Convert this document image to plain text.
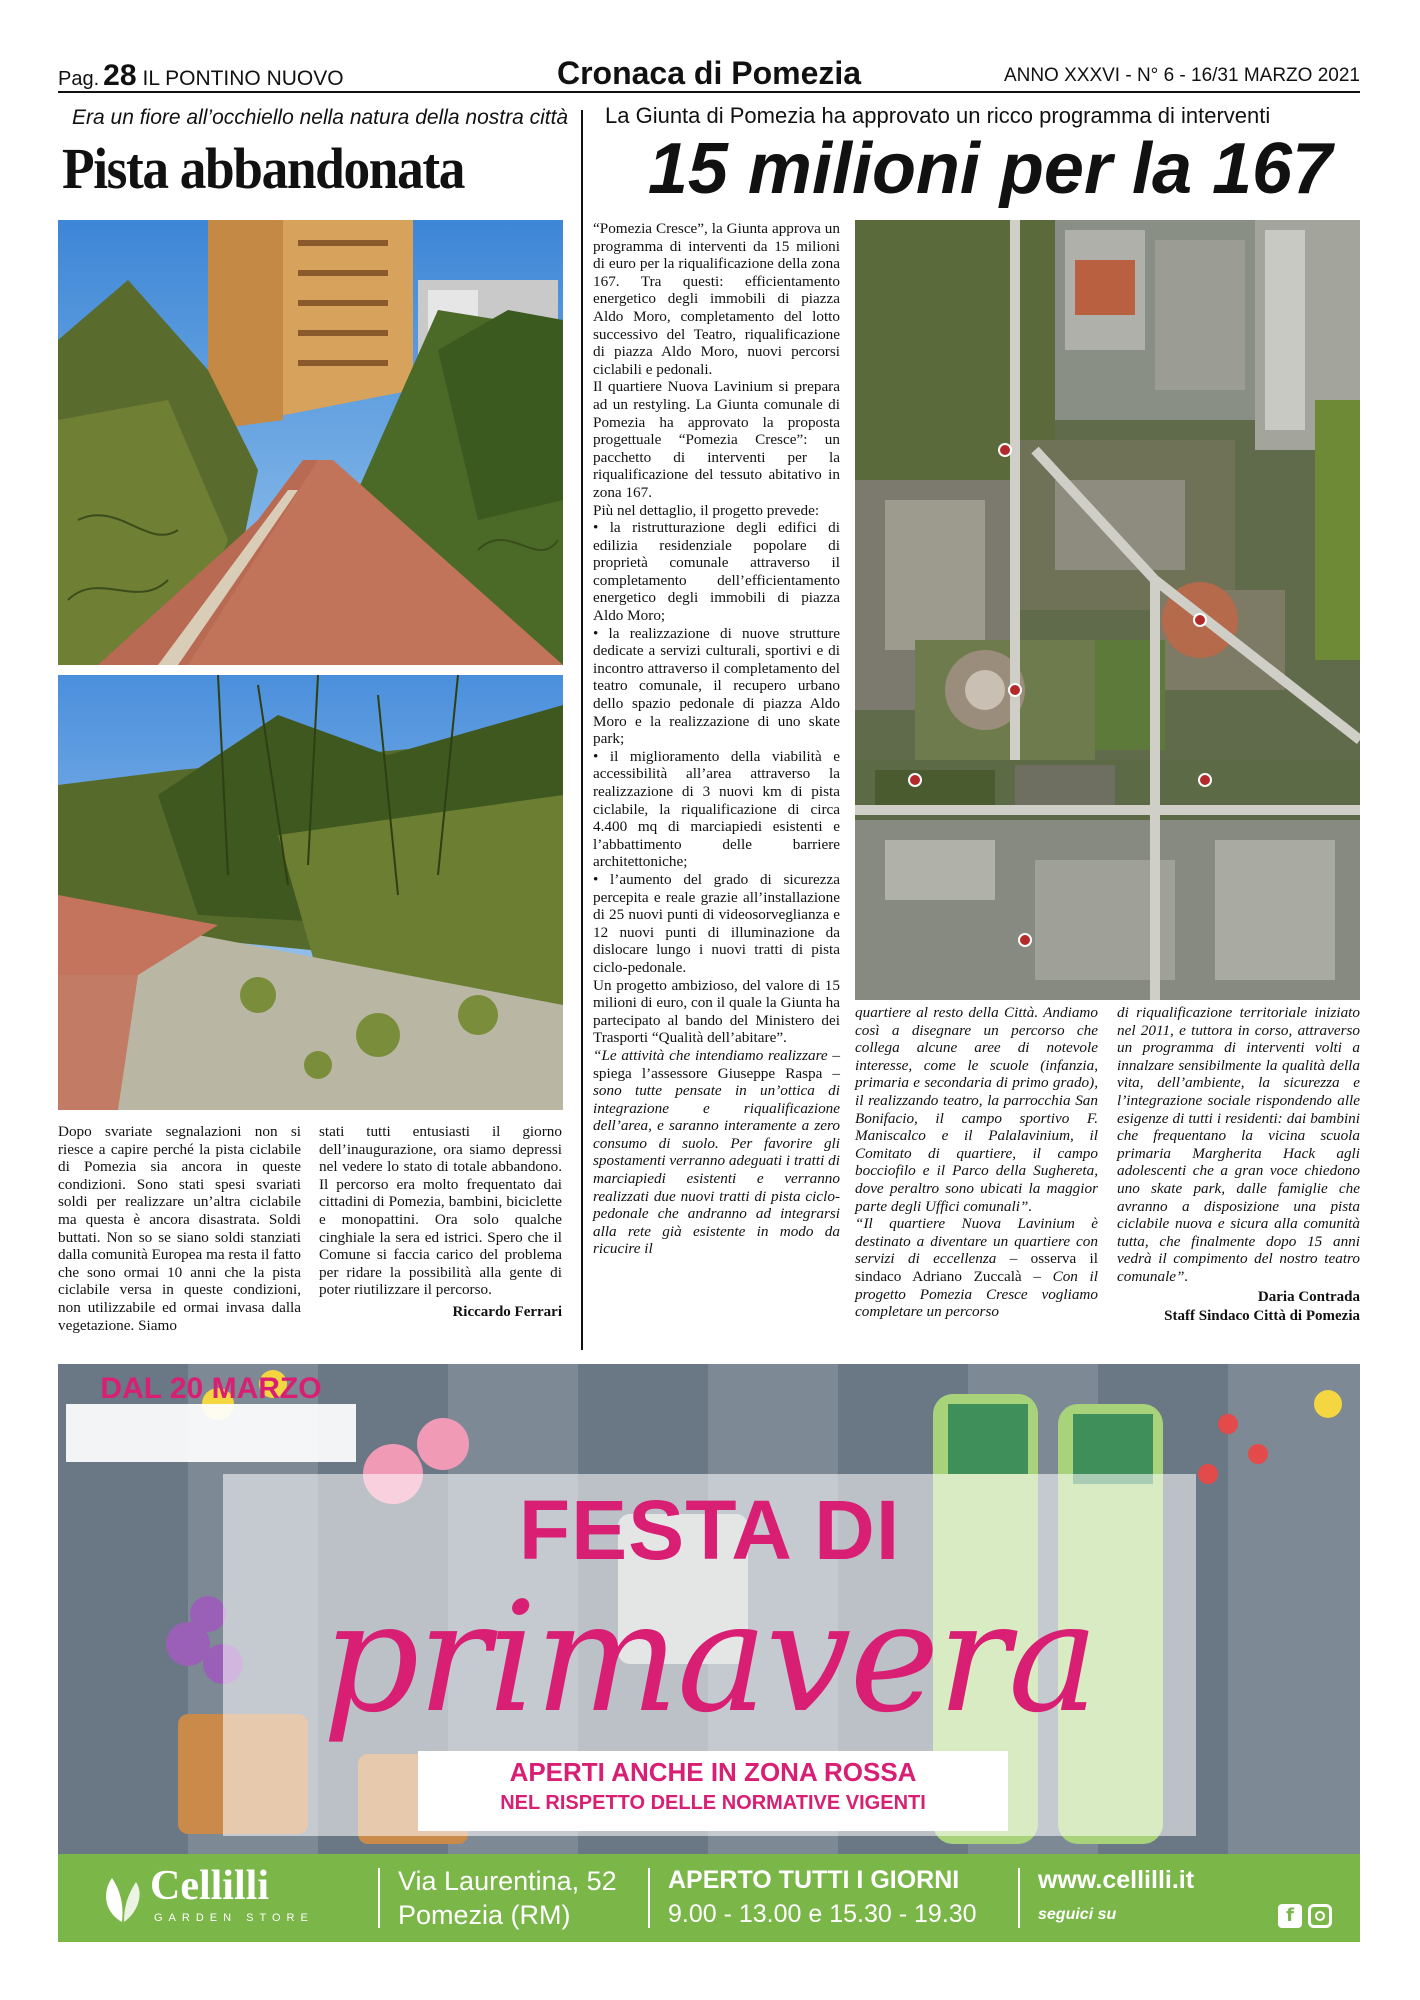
Pag. 28 IL PONTINO NUOVO	Cronaca di Pomezia	ANNO XXXVI - N° 6 - 16/31 MARZO 2021
Era un fiore all’occhiello nella natura della nostra città La Giunta di Pomezia ha approvato un ricco programma di interventi
Pista abbandonata	15 milioni per la 167

Dopo svariate segnalazioni non si riesce a capire perché la pista ciclabile di Pomezia sia ancora in queste condizioni. Sono stati spesi svariati soldi per realizzare un’altra ciclabile ma questa è ancora disastrata. Soldi buttati. Non so se siano soldi stanziati dalla comunità Europea ma resta il fatto che sono ormai 10 anni che la pista ciclabile versa in queste condizioni, non utilizzabile ed ormai invasa dalla vegetazione. Siamo

stati tutti entusiasti il giorno dell’inaugurazione, ora siamo depressi nel vedere lo stato di totale abbandono. Il percorso era molto frequentato dai cittadini di Pomezia, bambini, biciclette e monopattini. Ora solo qualche cinghiale la sera ed istrici. Spero che il Comune si faccia carico del problema per ridare la possibilità alla gente di poter riutilizzare il percorso.

Riccardo Ferrari

“Pomezia Cresce”, la Giunta approva un programma di interventi da 15 milioni di euro per la riqualificazione della zona 167. Tra questi: efficientamento energetico degli immobili di piazza Aldo Moro, completamento del lotto successivo del Teatro, riqualificazione di piazza Aldo Moro, nuovi percorsi ciclabili e pedonali.

Il quartiere Nuova Lavinium si prepara ad un restyling. La Giunta comunale di Pomezia ha approvato la proposta progettuale “Pomezia Cresce”: un pacchetto di interventi per la riqualificazione del tessuto abitativo in zona 167.

Più nel dettaglio, il progetto prevede:

• la ristrutturazione degli edifici di edilizia residenziale popolare di proprietà comunale attraverso il completamento dell’efficientamento energetico degli immobili di piazza Aldo Moro;

• la realizzazione di nuove strutture dedicate a servizi culturali, sportivi e di incontro attraverso il completamento del teatro comunale, il recupero urbano dello spazio pedonale di piazza Aldo Moro e la realizzazione di uno skate park;

• il miglioramento della viabilità e accessibilità all’area attraverso la realizzazione di 3 nuovi km di pista ciclabile, la riqualificazione di circa 4.400 mq di marciapiedi esistenti e l’abbattimento delle barriere architettoniche;

• l’aumento del grado di sicurezza percepita e reale grazie all’installazione di 25 nuovi punti di videosorveglianza e 12 nuovi punti di illuminazione da dislocare lungo i nuovi tratti di pista ciclo-pedonale.

Un progetto ambizioso, del valore di 15 milioni di euro, con il quale la Giunta ha partecipato al bando del Ministero dei Trasporti “Qualità dell’abitare”.

“Le attività che intendiamo realizzare – spiega l’assessore Giuseppe Raspa – sono tutte pensate in un’ottica di integrazione e riqualificazione dell’area, e saranno interamente a zero consumo di suolo. Per favorire gli spostamenti verranno adeguati i tratti di marciapiedi esistenti e verranno realizzati due nuovi tratti di pista ciclo-pedonale che andranno ad integrarsi alla rete già esistente in modo da ricucire il

quartiere al resto della Città. Andiamo così a disegnare un percorso che collega alcune aree di notevole interesse, come le scuole (infanzia, primaria e secondaria di primo grado), il realizzando teatro, la parrocchia San Bonifacio, il campo sportivo F. Maniscalco e il Palalavinium, il Comitato di quartiere, il campo bocciofilo e il Parco della Sughereta, dove peraltro sono ubicati la maggior parte degli Uffici comunali”.

“Il quartiere Nuova Lavinium è destinato a diventare un quartiere con servizi di eccellenza – osserva il sindaco Adriano Zuccalà – Con il progetto Pomezia Cresce vogliamo completare un percorso

di riqualificazione territoriale iniziato nel 2011, e tuttora in corso, attraverso un programma di interventi volti a innalzare sensibilmente la qualità della vita, dell’ambiente, la sicurezza e l’integrazione sociale rispondendo alle esigenze di tutti i residenti: dai bambini che frequentano la vicina scuola primaria Margherita Hack agli adolescenti che a gran voce chiedono uno skate park, dalle famiglie che avranno a disposizione una pista ciclabile nuova e sicura alla comunità tutta, che finalmente dopo 15 anni vedrà il compimento del nostro teatro comunale”.

Daria Contrada
Staff Sindaco Città di Pomezia
DAL 20 MARZO
FESTA DI
primavera
APERTI ANCHE IN ZONA ROSSA
NEL RISPETTO DELLE NORMATIVE VIGENTI
Cellilli
GARDEN STORE
Via Laurentina, 52
Pomezia (RM)
APERTO TUTTI I GIORNI
9.00 - 13.00 e 15.30 - 19.30
www.cellilli.it
seguici su	f
